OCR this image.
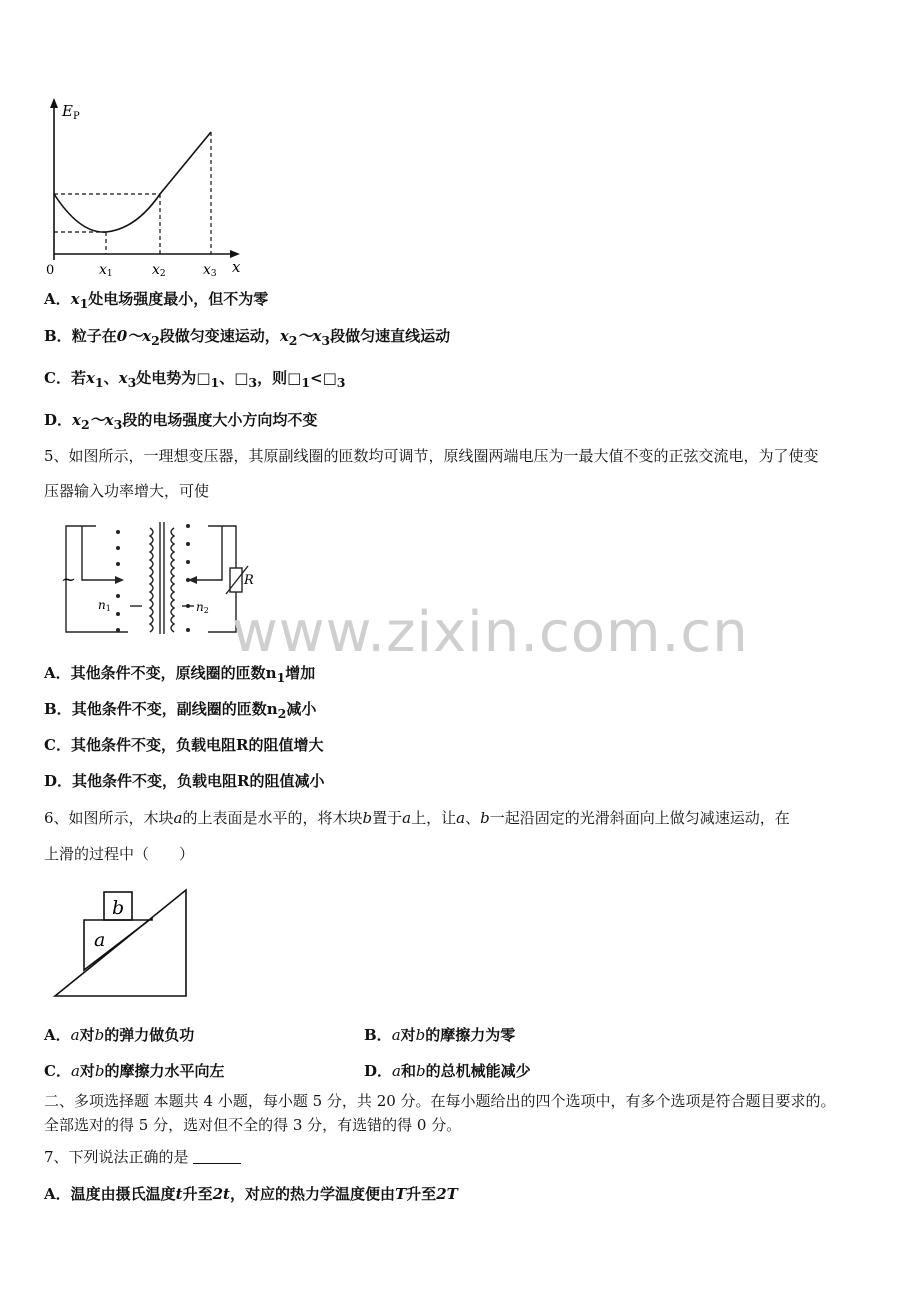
$E_P$
0	x1	x2	x3 x
A．$x_1$处电场强度最小，但不为零
B．粒子在$0\sim x_2$段做匀变速运动，$x_2\sim x_3$段做匀速直线运动
C．若$x_1$、$x_3$处电势为$□_1$、$□_3$，则$□_1<□_3$
D．$x_2\sim x_3$段的电场强度大小方向均不变
5、如图所示，一理想变压器，其原副线圈的匝数均可调节，原线圈两端电压为一最大值不变的正弦交流电，为了使变
压器输入功率增大，可使
~
n1	n2
R
www.zixin.com.cn
A．其他条件不变，原线圈的匝数$n_1$增加
B．其他条件不变，副线圈的匝数$n_2$减小
C．其他条件不变，负载电阻R的阻值增大
D．其他条件不变，负载电阻R的阻值减小
6、如图所示，木块a的上表面是水平的，将木块b置于a上，让a、b一起沿固定的光滑斜面向上做匀减速运动，在
上滑的过程中（　　）
a
b
A．a对b的弹力做负功	B．a对b的摩擦力为零
C．a对b的摩擦力水平向左	D．a和b的总机械能减少
二、多项选择题 本题共 4 小题，每小题 5 分，共 20 分。在每小题给出的四个选项中，有多个选项是符合题目要求的。
全部选对的得 5 分，选对但不全的得 3 分，有选错的得 0 分。
7、下列说法正确的是
A．温度由摄氏温度t升至2t，对应的热力学温度便由T升至2T
